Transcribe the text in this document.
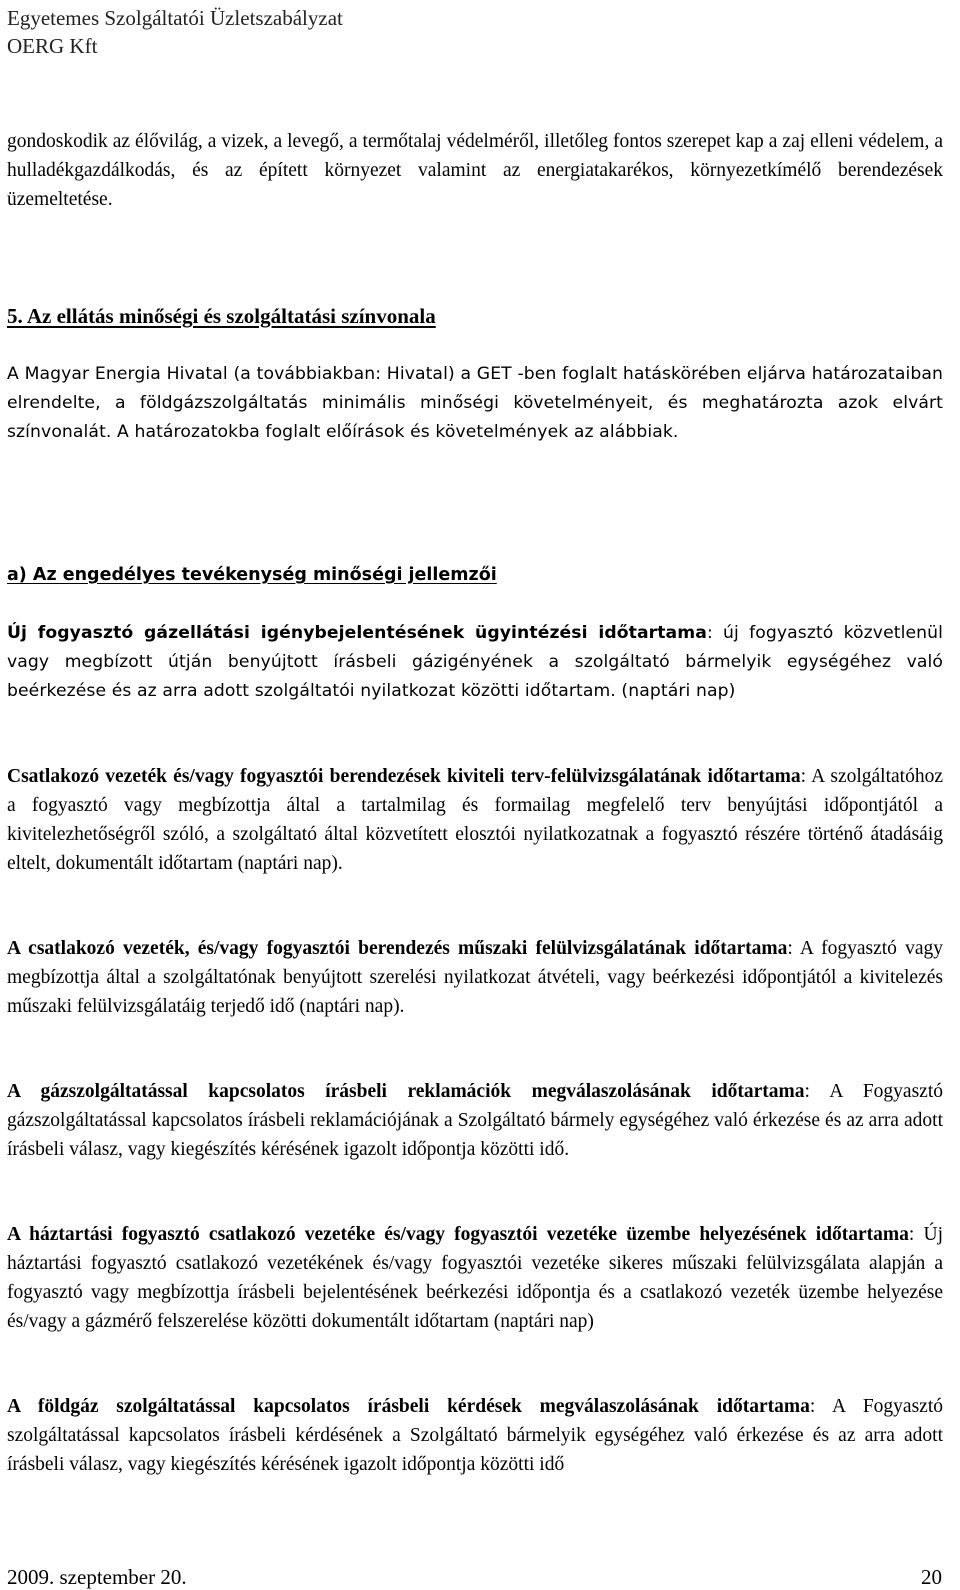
Egyetemes Szolgáltatói Üzletszabályzat
OERG Kft

gondoskodik az élővilág, a vizek, a levegő, a termőtalaj védelméről, illetőleg fontos szerepet kap a zaj elleni védelem, a hulladékgazdálkodás, és az épített környezet valamint az energiatakarékos, környezetkímélő berendezések üzemeltetése.

5. Az ellátás minőségi és szolgáltatási színvonala

A Magyar Energia Hivatal (a továbbiakban: Hivatal) a GET -ben foglalt hatáskörében eljárva határozataiban elrendelte, a földgázszolgáltatás minimális minőségi követelményeit, és meghatározta azok elvárt színvonalát. A határozatokba foglalt előírások és követelmények az alábbiak.

a) Az engedélyes tevékenység minőségi jellemzői

Új fogyasztó gázellátási igénybejelentésének ügyintézési időtartama: új fogyasztó közvetlenül vagy megbízott útján benyújtott írásbeli gázigényének a szolgáltató bármelyik egységéhez való beérkezése és az arra adott szolgáltatói nyilatkozat közötti időtartam. (naptári nap)

Csatlakozó vezeték és/vagy fogyasztói berendezések kiviteli terv-felülvizsgálatának időtartama: A szolgáltatóhoz a fogyasztó vagy megbízottja által a tartalmilag és formailag megfelelő terv benyújtási időpontjától a kivitelezhetőségről szóló, a szolgáltató által közvetített elosztói nyilatkozatnak a fogyasztó részére történő átadásáig eltelt, dokumentált időtartam (naptári nap).

A csatlakozó vezeték, és/vagy fogyasztói berendezés műszaki felülvizsgálatának időtartama: A fogyasztó vagy megbízottja által a szolgáltatónak benyújtott szerelési nyilatkozat átvételi, vagy beérkezési időpontjától a kivitelezés műszaki felülvizsgálatáig terjedő idő (naptári nap).

A gázszolgáltatással kapcsolatos írásbeli reklamációk megválaszolásának időtartama: A Fogyasztó gázszolgáltatással kapcsolatos írásbeli reklamációjának a Szolgáltató bármely egységéhez való érkezése és az arra adott írásbeli válasz, vagy kiegészítés kérésének igazolt időpontja közötti idő.

A háztartási fogyasztó csatlakozó vezetéke és/vagy fogyasztói vezetéke üzembe helyezésének időtartama: Új háztartási fogyasztó csatlakozó vezetékének és/vagy fogyasztói vezetéke sikeres műszaki felülvizsgálata alapján a fogyasztó vagy megbízottja írásbeli bejelentésének beérkezési időpontja és a csatlakozó vezeték üzembe helyezése és/vagy a gázmérő felszerelése közötti dokumentált időtartam (naptári nap)

A földgáz szolgáltatással kapcsolatos írásbeli kérdések megválaszolásának időtartama: A Fogyasztó szolgáltatással kapcsolatos írásbeli kérdésének a Szolgáltató bármelyik egységéhez való érkezése és az arra adott írásbeli válasz, vagy kiegészítés kérésének igazolt időpontja közötti idő

2009. szeptember 20.	20
